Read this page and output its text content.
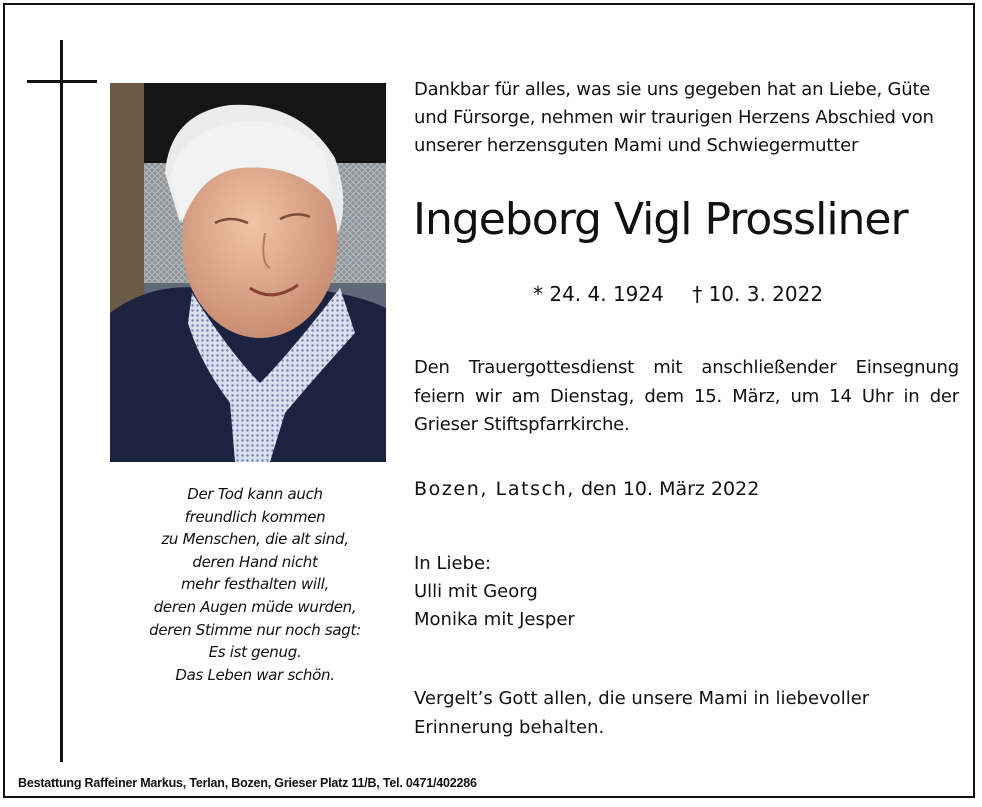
Der Tod kann auch
freundlich kommen
zu Menschen, die alt sind,
deren Hand nicht
mehr festhalten will,
deren Augen müde wurden,
deren Stimme nur noch sagt:
Es ist genug.
Das Leben war schön.
Dankbar für alles, was sie uns gegeben hat an Liebe, Güte
und Fürsorge, nehmen wir traurigen Herzens Abschied von
unserer herzensguten Mami und Schwiegermutter
Ingeborg Vigl Prossliner
* 24. 4. 1924 † 10. 3. 2022
Den Trauergottesdienst mit anschließender Einsegnung
feiern wir am Dienstag, dem 15. März, um 14 Uhr in der
Grieser Stiftspfarrkirche.
Bozen, Latsch, den 10. März 2022
In Liebe:
Ulli mit Georg
Monika mit Jesper
Vergelt’s Gott allen, die unsere Mami in liebevoller
Erinnerung behalten.
Bestattung Raffeiner Markus, Terlan, Bozen, Grieser Platz 11/B, Tel. 0471/402286
